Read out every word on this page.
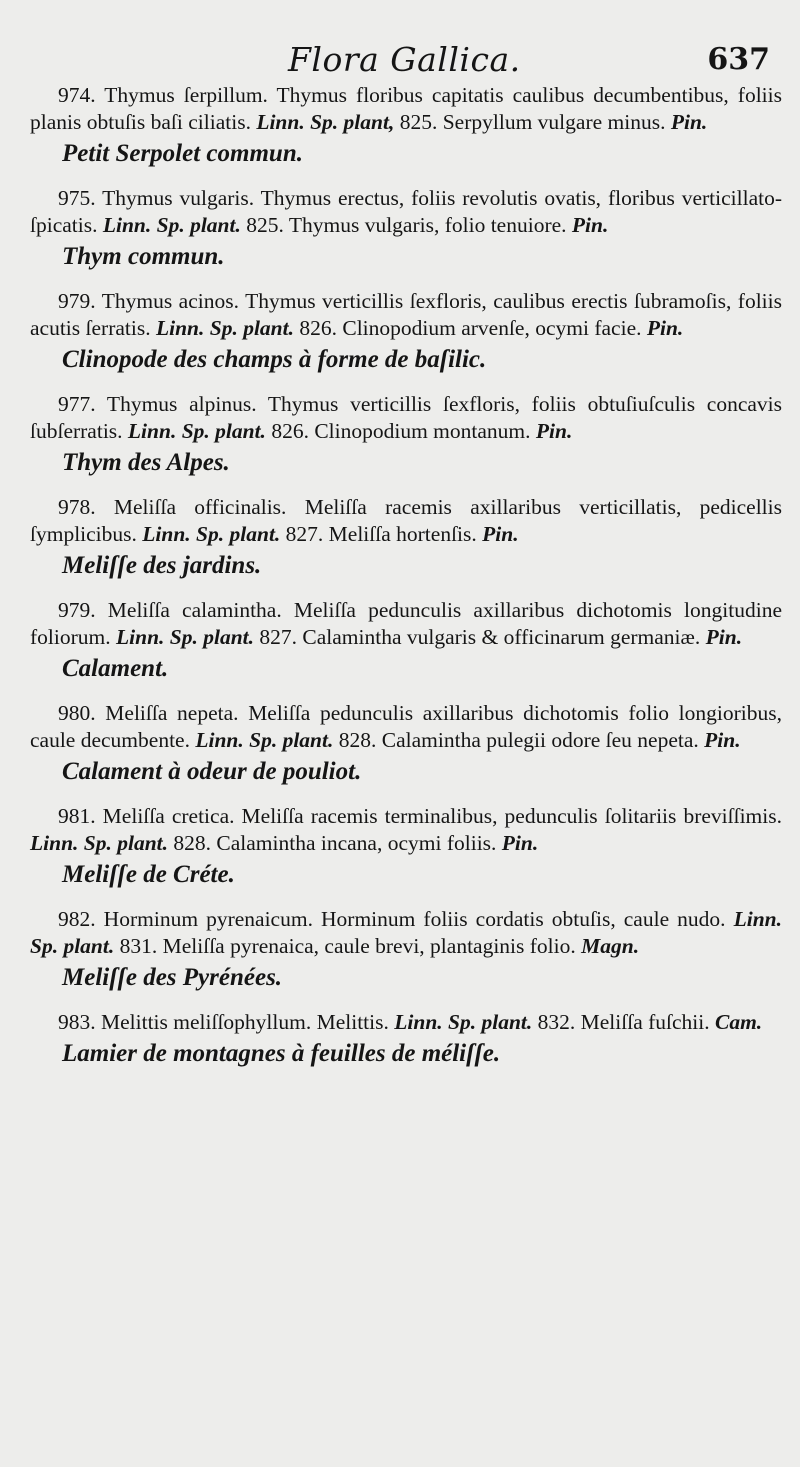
Flora Gallica.	637

974. Thymus ſerpillum. Thymus floribus capitatis caulibus decumbentibus, foliis planis obtuſis baſi ciliatis. Linn. Sp. plant, 825. Serpyllum vulgare minus. Pin.

Petit Serpolet commun.

975. Thymus vulgaris. Thymus erectus, foliis revolutis ovatis, floribus verticillato-ſpicatis. Linn. Sp. plant. 825. Thymus vulgaris, folio tenuiore. Pin.

Thym commun.

979. Thymus acinos. Thymus verticillis ſexfloris, caulibus erectis ſubramoſis, foliis acutis ſerratis. Linn. Sp. plant. 826. Clinopodium arvenſe, ocymi facie. Pin.

Clinopode des champs à forme de baſilic.

977. Thymus alpinus. Thymus verticillis ſexfloris, foliis obtuſiuſculis concavis ſubſerratis. Linn. Sp. plant. 826. Clinopodium montanum. Pin.

Thym des Alpes.

978. Meliſſa officinalis. Meliſſa racemis axillaribus verticillatis, pedicellis ſymplicibus. Linn. Sp. plant. 827. Meliſſa hortenſis. Pin.

Meliſſe des jardins.

979. Meliſſa calamintha. Meliſſa pedunculis axillaribus dichotomis longitudine foliorum. Linn. Sp. plant. 827. Calamintha vulgaris & officinarum germaniæ. Pin.

Calament.

980. Meliſſa nepeta. Meliſſa pedunculis axillaribus dichotomis folio longioribus, caule decumbente. Linn. Sp. plant. 828. Calamintha pulegii odore ſeu nepeta. Pin.

Calament à odeur de pouliot.

981. Meliſſa cretica. Meliſſa racemis terminalibus, pedunculis ſolitariis breviſſimis. Linn. Sp. plant. 828. Calamintha incana, ocymi foliis. Pin.

Meliſſe de Créte.

982. Horminum pyrenaicum. Horminum foliis cordatis obtuſis, caule nudo. Linn. Sp. plant. 831. Meliſſa pyrenaica, caule brevi, plantaginis folio. Magn.

Meliſſe des Pyrénées.

983. Melittis meliſſophyllum. Melittis. Linn. Sp. plant. 832. Meliſſa fuſchii. Cam.

Lamier de montagnes à feuilles de méliſſe.
